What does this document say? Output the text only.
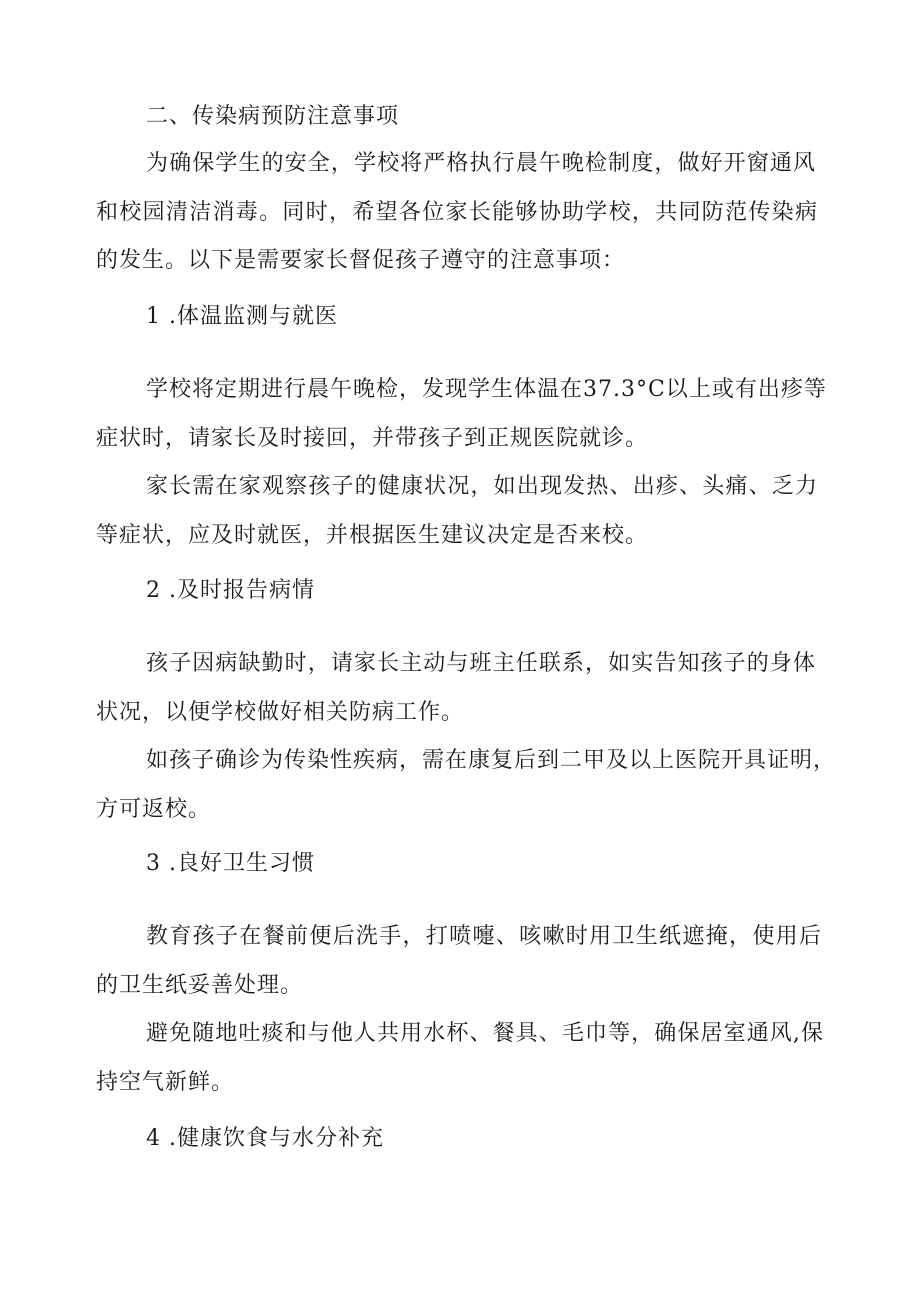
二、传染病预防注意事项
为确保学生的安全，学校将严格执行晨午晚检制度，做好开窗通风
和校园清洁消毒。同时，希望各位家长能够协助学校，共同防范传染病
的发生。以下是需要家长督促孩子遵守的注意事项：
1 .体温监测与就医
学校将定期进行晨午晚检，发现学生体温在37.3°C以上或有出疹等
症状时，请家长及时接回，并带孩子到正规医院就诊。
家长需在家观察孩子的健康状况，如出现发热、出疹、头痛、乏力
等症状，应及时就医，并根据医生建议决定是否来校。
2 .及时报告病情
孩子因病缺勤时，请家长主动与班主任联系，如实告知孩子的身体
状况，以便学校做好相关防病工作。
如孩子确诊为传染性疾病，需在康复后到二甲及以上医院开具证明，
方可返校。
3 .良好卫生习惯
教育孩子在餐前便后洗手，打喷嚏、咳嗽时用卫生纸遮掩，使用后
的卫生纸妥善处理。
避免随地吐痰和与他人共用水杯、餐具、毛巾等，确保居室通风,保
持空气新鲜。
4 .健康饮食与水分补充
